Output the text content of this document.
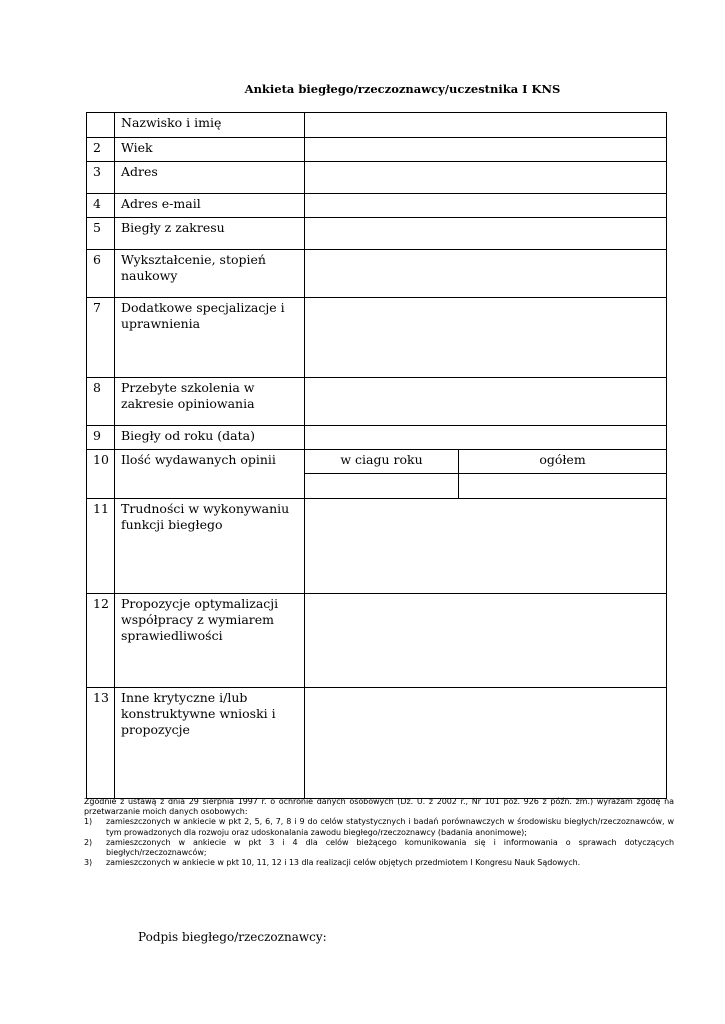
Ankieta biegłego/rzeczoznawcy/uczestnika I KNS
	Nazwisko i imię		
2	Wiek		
3	Adres		
4	Adres e-mail		
5	Biegły z zakresu		
6	Wykształcenie, stopień naukowy		
7	Dodatkowe specjalizacje i uprawnienia		
8	Przebyte szkolenia w zakresie opiniowania		
9	Biegły od roku (data)		
10	Ilość wydawanych opinii	w ciagu roku	ogółem

11	Trudności w wykonywaniu funkcji biegłego		
12	Propozycje optymalizacji współpracy z wymiarem sprawiedliwości		
13	Inne krytyczne i/lub konstruktywne wnioski i propozycje		
Zgodnie z ustawą z dnia 29 sierpnia 1997 r. o ochronie danych osobowych (Dz. U. z 2002 r., Nr 101 poz. 926 z późn. zm.) wyrażam zgodę na przetwarzanie moich danych osobowych:
1)	zamieszczonych w ankiecie w pkt 2, 5, 6, 7, 8 i 9 do celów statystycznych i badań porównawczych w środowisku biegłych/rzeczoznawców, w tym prowadzonych dla rozwoju oraz udoskonalania zawodu biegłego/rzeczoznawcy (badania anonimowe);
2)	zamieszczonych w ankiecie w pkt 3 i 4 dla celów bieżącego komunikowania się i informowania o sprawach dotyczących biegłych/rzeczoznawców;
3)	zamieszczonych w ankiecie w pkt 10, 11, 12 i 13 dla realizacji celów objętych przedmiotem I Kongresu Nauk Sądowych.
Podpis biegłego/rzeczoznawcy:
